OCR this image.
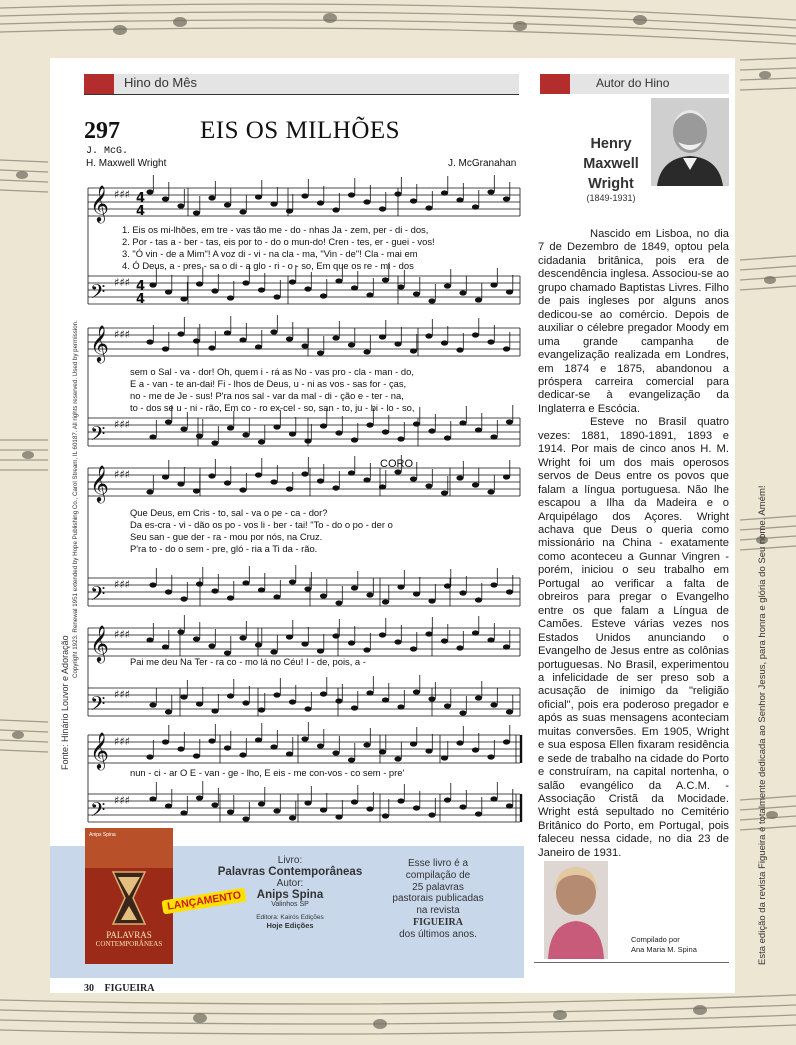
Hino do Mês	Autor do Hino
297	EIS OS MILHÕES
J. McG.
H. Maxwell Wright	J. McGranahan
𝄞
𝄢
𝄞
𝄢
𝄞
𝄢
𝄞
𝄢
𝄞
𝄢
♯♯♯
♯♯♯
♯♯♯
♯♯♯
♯♯♯
♯♯♯
♯♯♯
♯♯♯
♯♯♯
♯♯♯
4
4
4
4
1. Eis os mi-lhões, em tre - vas tão me - do - nhas Ja - zem, per - di - dos,
2. Por - tas a - ber - tas, eis por to - do o mun-do! Cren - tes, er - guei - vos!
3. "Ó vin - de a Mim"! A voz di - vi - na cla - ma, "Vin - de"! Cla - mai em
4. Ó Deus, a - pres - sa o di - a glo - ri - o - so, Em que os re - mi - dos
sem o Sal - va - dor! Oh, quem i - rá as No - vas pro - cla - man - do,
E a - van - te an-dai! Fi - lhos de Deus, u - ni as vos - sas for - ças,
no - me de Je - sus! P'ra nos sal - var da mal - di - ção e - ter - na,
to - dos se u - ni - rão, Em co - ro ex-cel - so, san - to, ju - bi - lo - so,
CORO
Que Deus, em Cris - to, sal - va o pe - ca - dor?
Da es-cra - vi - dão os po - vos li - ber - tai! "To - do o po - der o
Seu san - gue der - ra - mou por nós, na Cruz.
P'ra to - do o sem - pre, gló - ria a Ti da - rão.
Pai me deu Na Ter - ra co - mo lá no Céu! I - de, pois, a -
nun - ci - ar O E - van - ge - lho, E eis - me con-vos - co sem - pre'
Fonte: Hinário Louvor e Adoração
Copyright 1923. Renewal 1951 extended by Hope Publishing Co., Carol Stream, IL 60187. All rights reserved. Used by permission.
Henry
Maxwell
Wright
(1849-1931)

Nascido em Lisboa, no dia 7 de Dezembro de 1849, optou pela cidadania britânica, pois era de descendência inglesa. Associou-se ao grupo chamado Baptistas Livres. Filho de pais ingleses por alguns anos dedicou-se ao comércio. Depois de auxiliar o célebre pregador Moody em uma grande campanha de evangelização realizada em Londres, em 1874 e 1875, abandonou a próspera carreira comercial para dedicar-se à evangelização da Inglaterra e Escócia.

Esteve no Brasil quatro vezes: 1881, 1890-1891, 1893 e 1914. Por mais de cinco anos H. M. Wright foi um dos mais operosos servos de Deus entre os povos que falam a língua portuguesa. Não lhe escapou a Ilha da Madeira e o Arquipélago dos Açores. Wright achava que Deus o queria como missionário na China - exatamente como aconteceu a Gunnar Vingren - porém, iniciou o seu trabalho em Portugal ao verificar a falta de obreiros para pregar o Evangelho entre os que falam a Língua de Camões. Esteve várias vezes nos Estados Unidos anunciando o Evangelho de Jesus entre as colônias portuguesas. No Brasil, experimentou a infelicidade de ser preso sob a acusação de inimigo da "religião oficial", pois era poderoso pregador e após as suas mensagens aconteciam muitas conversões. Em 1905, Wright e sua esposa Ellen fixaram residência e sede de trabalho na cidade do Porto e construíram, na capital nortenha, o salão evangélico da A.C.M. - Associação Cristã da Mocidade. Wright está sepultado no Cemitério Britânico do Porto, em Portugal, pois faleceu nessa cidade, no dia 23 de Janeiro de 1931.

Compilado por
Ana Maria M. Spina
Anips Spina
PALAVRAS
CONTEMPORÂNEAS
LANÇAMENTO
Livro:
Palavras Contemporâneas
Autor:
Anips Spina
Valinhos SP
Editora: Kairós Edições
Hoje Edições
Esse livro é a
compilação de
25 palavras
pastorais publicadas
na revista
FIGUEIRA
dos últimos anos.
30 FIGUEIRA
Esta edição da revista Figueira é totalmente dedicada ao Senhor Jesus, para honra e glória do Seu nome. Amém!
